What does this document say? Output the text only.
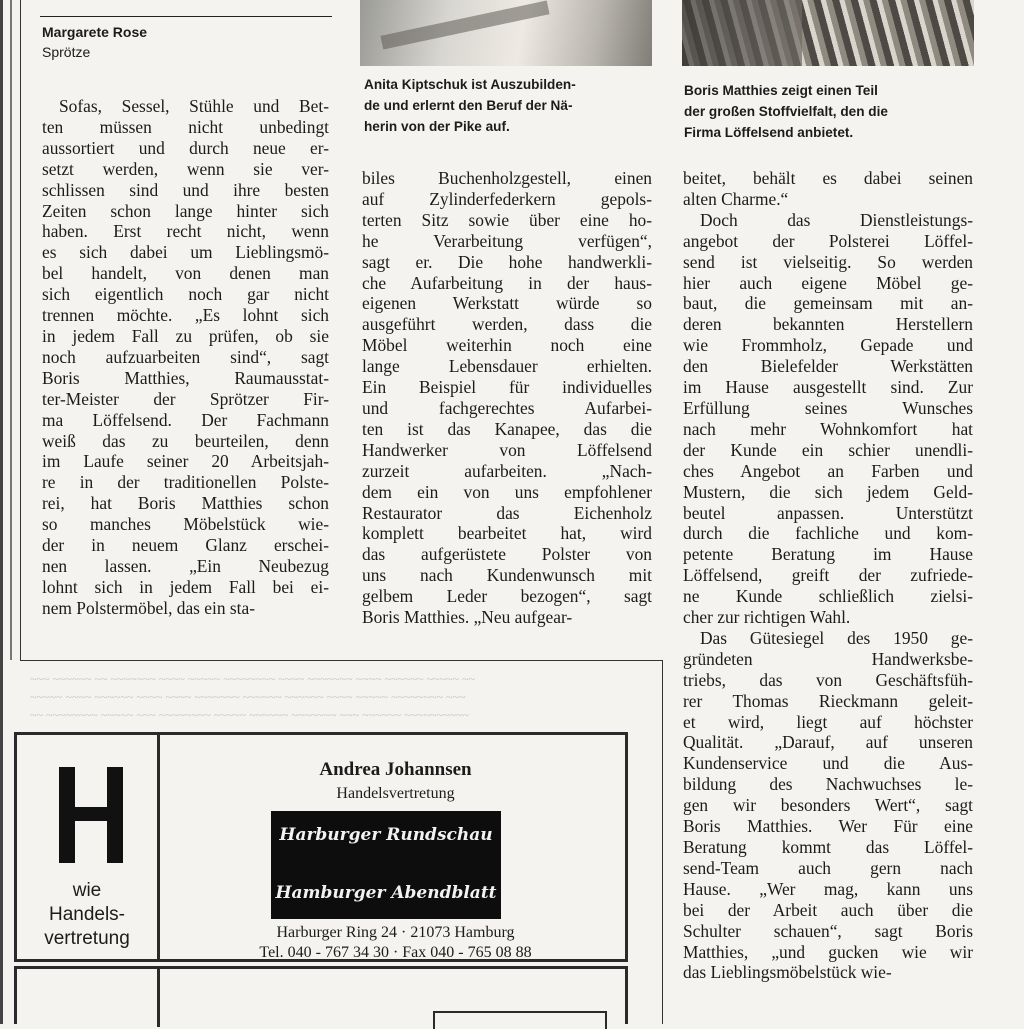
Margarete Rose
Sprötze
Anita Kiptschuk ist Auszubilden-
de und erlernt den Beruf der Nä-
herin von der Pike auf.
Boris Matthies zeigt einen Teil
der großen Stoffvielfalt, den die
Firma Löffelsend anbietet.
Sofas, Sessel, Stühle und Bet-
ten müssen nicht unbedingt
aussortiert und durch neue er-
setzt werden, wenn sie ver-
schlissen sind und ihre besten
Zeiten schon lange hinter sich
haben. Erst recht nicht, wenn
es sich dabei um Lieblingsmö-
bel handelt, von denen man
sich eigentlich noch gar nicht
trennen möchte. „Es lohnt sich
in jedem Fall zu prüfen, ob sie
noch aufzuarbeiten sind“, sagt
Boris Matthies, Raumausstat-
ter-Meister der Sprötzer Fir-
ma Löffelsend. Der Fachmann
weiß das zu beurteilen, denn
im Laufe seiner 20 Arbeitsjah-
re in der traditionellen Polste-
rei, hat Boris Matthies schon
so manches Möbelstück wie-
der in neuem Glanz erschei-
nen lassen. „Ein Neubezug
lohnt sich in jedem Fall bei ei-
nem Polstermöbel, das ein sta-
biles Buchenholzgestell, einen
auf Zylinderfederkern gepols-
terten Sitz sowie über eine ho-
he Verarbeitung verfügen“,
sagt er. Die hohe handwerkli-
che Aufarbeitung in der haus-
eigenen Werkstatt würde so
ausgeführt werden, dass die
Möbel weiterhin noch eine
lange Lebensdauer erhielten.
Ein Beispiel für individuelles
und fachgerechtes Aufarbei-
ten ist das Kanapee, das die
Handwerker von Löffelsend
zurzeit aufarbeiten. „Nach-
dem ein von uns empfohlener
Restaurator das Eichenholz
komplett bearbeitet hat, wird
das aufgerüstete Polster von
uns nach Kundenwunsch mit
gelbem Leder bezogen“, sagt
Boris Matthies. „Neu aufgear-
beitet, behält es dabei seinen
alten Charme.“
Doch das Dienstleistungs-
angebot der Polsterei Löffel-
send ist vielseitig. So werden
hier auch eigene Möbel ge-
baut, die gemeinsam mit an-
deren bekannten Herstellern
wie Frommholz, Gepade und
den Bielefelder Werkstätten
im Hause ausgestellt sind. Zur
Erfüllung seines Wunsches
nach mehr Wohnkomfort hat
der Kunde ein schier unendli-
ches Angebot an Farben und
Mustern, die sich jedem Geld-
beutel anpassen. Unterstützt
durch die fachliche und kom-
petente Beratung im Hause
Löffelsend, greift der zufriede-
ne Kunde schließlich zielsi-
cher zur richtigen Wahl.
Das Gütesiegel des 1950 ge-
gründeten Handwerksbe-
triebs, das von Geschäftsfüh-
rer Thomas Rieckmann geleit-
et wird, liegt auf höchster
Qualität. „Darauf, auf unseren
Kundenservice und die Aus-
bildung des Nachwuchses le-
gen wir besonders Wert“, sagt
Boris Matthies. Wer Für eine
Beratung kommt das Löffel-
send-Team auch gern nach
Hause. „Wer mag, kann uns
bei der Arbeit auch über die
Schulter schauen“, sagt Boris
Matthies, „und gucken wie wir
das Lieblingsmöbelstück wie-
~~~ ~~~~~~ ~~ ~~~~~~~ ~~~~ ~~~~~ ~~~~~~~~ ~~~~ ~~~~~~~ ~~~~ ~~~~~~ ~~~~~ ~~
~~~~~ ~~~~ ~~~~~~ ~~~~ ~~~~ ~~~~~~~ ~~~~~~ ~~~~~~ ~~~~ ~~~~~ ~~~~~~~~ ~~~
~~ ~~~~~~~~ ~~~~~ ~~~ ~~~~~~~~ ~~~~~ ~~~~~~ ~~~~~~~ ~~~ ~~~~~~ ~~~~~~~~~~
wie
Handels-
vertretung
Andrea Johannsen
Handelsvertretung
Harburger Rundschau
Hamburger Abendblatt
Harburger Ring 24 · 21073 Hamburg
Tel. 040 - 767 34 30 · Fax 040 - 765 08 88
